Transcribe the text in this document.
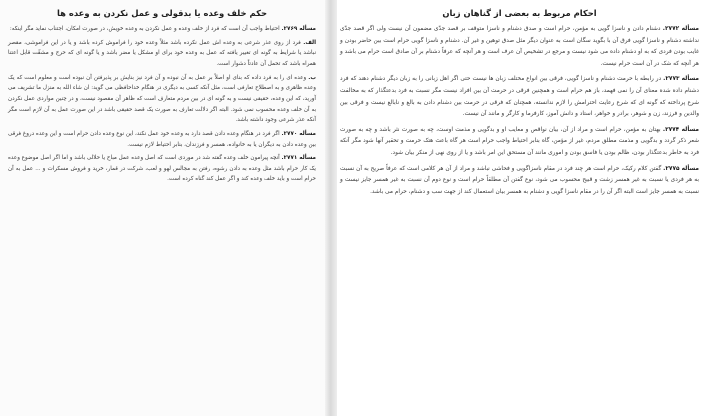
حکم خلف وعده یا بدقولی و عمل نکردن به وعده ها

مسأله ۲۷۶۹. احتیاط واجب آن است که فرد از خلف وعده و عمل نکردن به وعده خویش، در صورت امکان، اجتناب نماید مگر اینکه:

الف. فرد از روی عذر شرعی به وعده اش عمل نکرده باشد مثلاً وعده خود را فراموش کرده باشد و یا در این فراموشی، مقصر نباشد یا شرایط به گونه ای تغییر یافته که عمل به وعده خود برای او مشکل یا مضر باشد و یا گونه ای که حرج و مشقّت قابل اعتنا همراه باشد که تحمل آن عادتاً دشوار است.

ب. وعده ای را به فرد داده که بنای او اصلاً بر عمل به آن نبوده و آن فرد نیز بنایش بر پذیرفتن آن نبوده است و معلوم است که یک وعده ظاهری و به اصطلاح تعارفی است، مثل آنکه کسی به دیگری در هنگام خداحافظی می گوید: ان شاء الله به منزل ما تشریف می آورید، که این وعده، حقیقی نیست و به گونه ای در بین مردم متعارف است که ظاهر آن مقصود نیست، و در چنین مواردی عمل نکردن به آن خلف وعده محسوب نمی شود. البته اگر دلالت تعارف به صورت یک قصد حقیقی باشد در این صورت عمل به آن لازم است مگر آنکه عذر شرعی وجود داشته باشد.

مسأله ۲۷۷۰. اگر فرد در هنگام وعده دادن قصد دارد به وعده خود عمل نکند، این نوع وعده دادن حرام است و این وعده دروغ فرقی بین وعده دادن به دیگران یا به خانواده، همسر و فرزندان، بنابر احتیاط لازم نیست.

مسأله ۲۷۷۱. آنچه پیرامون خلف وعده گفته شد در موردی است که اصل وعده عمل مباح یا حلالی باشد و اما اگر اصل موضوع وعده یک کار حرام باشد مثل وعده به دادن رشوه، رفتن به مجالس لهو و لعب، شرکت در قمار، خرید و فروش مسکرات و ... عمل به آن حرام است و باید خلف وعده کند و اگر عمل کند گناه کرده است.

احکام مربوط به بعضی از گناهان زبان

مسأله ۲۷۷۲. دشنام دادن و ناسزا گویی به مؤمن، حرام است و صدق دشنام و ناسزا متوقف بر قصد جدّی مضمون آن نیست ولی اگر قصد جدّی نداشته دشنام و ناسزا گویی فرق آن با بگوید سگان است به عنوان دیگر مثل صدق توهین و غیر آن. دشنام و ناسزا گویی حرام است بین حاضر بودن و غایب بودن فردی که به او دشنام داده می شود نیست و مرجع در تشخیص آن عرف است و هر آنچه که عرفاً دشنام بر آن صادق است حرام می باشد و هر آنچه که شک در آن است حرام نیست.

مسأله ۲۷۷۳. در رابطه با حرمت دشنام و ناسزا گویی، فرقی بین انواع مختلف زبان ها نیست حتی اگر اهل زبانی را به زبان دیگر دشنام دهند که فرد دشنام داده شده معنای آن را نمی فهمد، باز هم حرام است و همچنین فرقی در حرمت آن بین افراد نیست مگر نسبت به فرد بدعتگذار که به مخالفت شرع پرداخته که گونه ای که شرع رعایت احترامش را لازم ندانسته، همچنان که فرقی در حرمت بین دشنام دادن به بالغ و نابالغ نیست و فرقی بین والدین و فرزند، زن و شوهر، برادر و خواهر، استاد و دانش آموز، کارفرما و کارگر و مانند آن نیست.

مسأله ۲۷۷۴. بهتان به مؤمن، حرام است و مراد از آن، بیان نواقص و معایب او و بدگویی و مذمت اوست، چه به صورت نثر باشد و چه به صورت شعر ذکر گردد و بدگویی و مذمت مطلق مردم، غیر از مؤمن، گاه بنابر احتیاط واجب حرام است هر گاه باعث هتک حرمت و تحقیر آنها شود مگر آنکه فرد به خاطر بدعتگذار بودن، ظالم بودن یا فاسق بودن و اموری مانند آن مستحق این امر باشد و یا از روی نهی از منکر بیان شود.

مسأله ۲۷۷۵. گفتن کلام رکیک، حرام است هر چند فرد در مقام ناسزاگویی و فحاشی نباشد و مراد از آن هر کلامی است که عرفاً صریح به آن نسبت به هر فردی یا نسبت به غیر همسر زشت و قبیح محسوب می شود، نوع گفتن آن مطلقاً حرام است و نوع دوم آن نسبت به غیر همسر جایز نیست و نسبت به همسر جایز است البته اگر آن را در مقام ناسزا گویی و دشنام به همسر بیان استعمال کند از جهت سب و دشنام، حرام می باشد.
